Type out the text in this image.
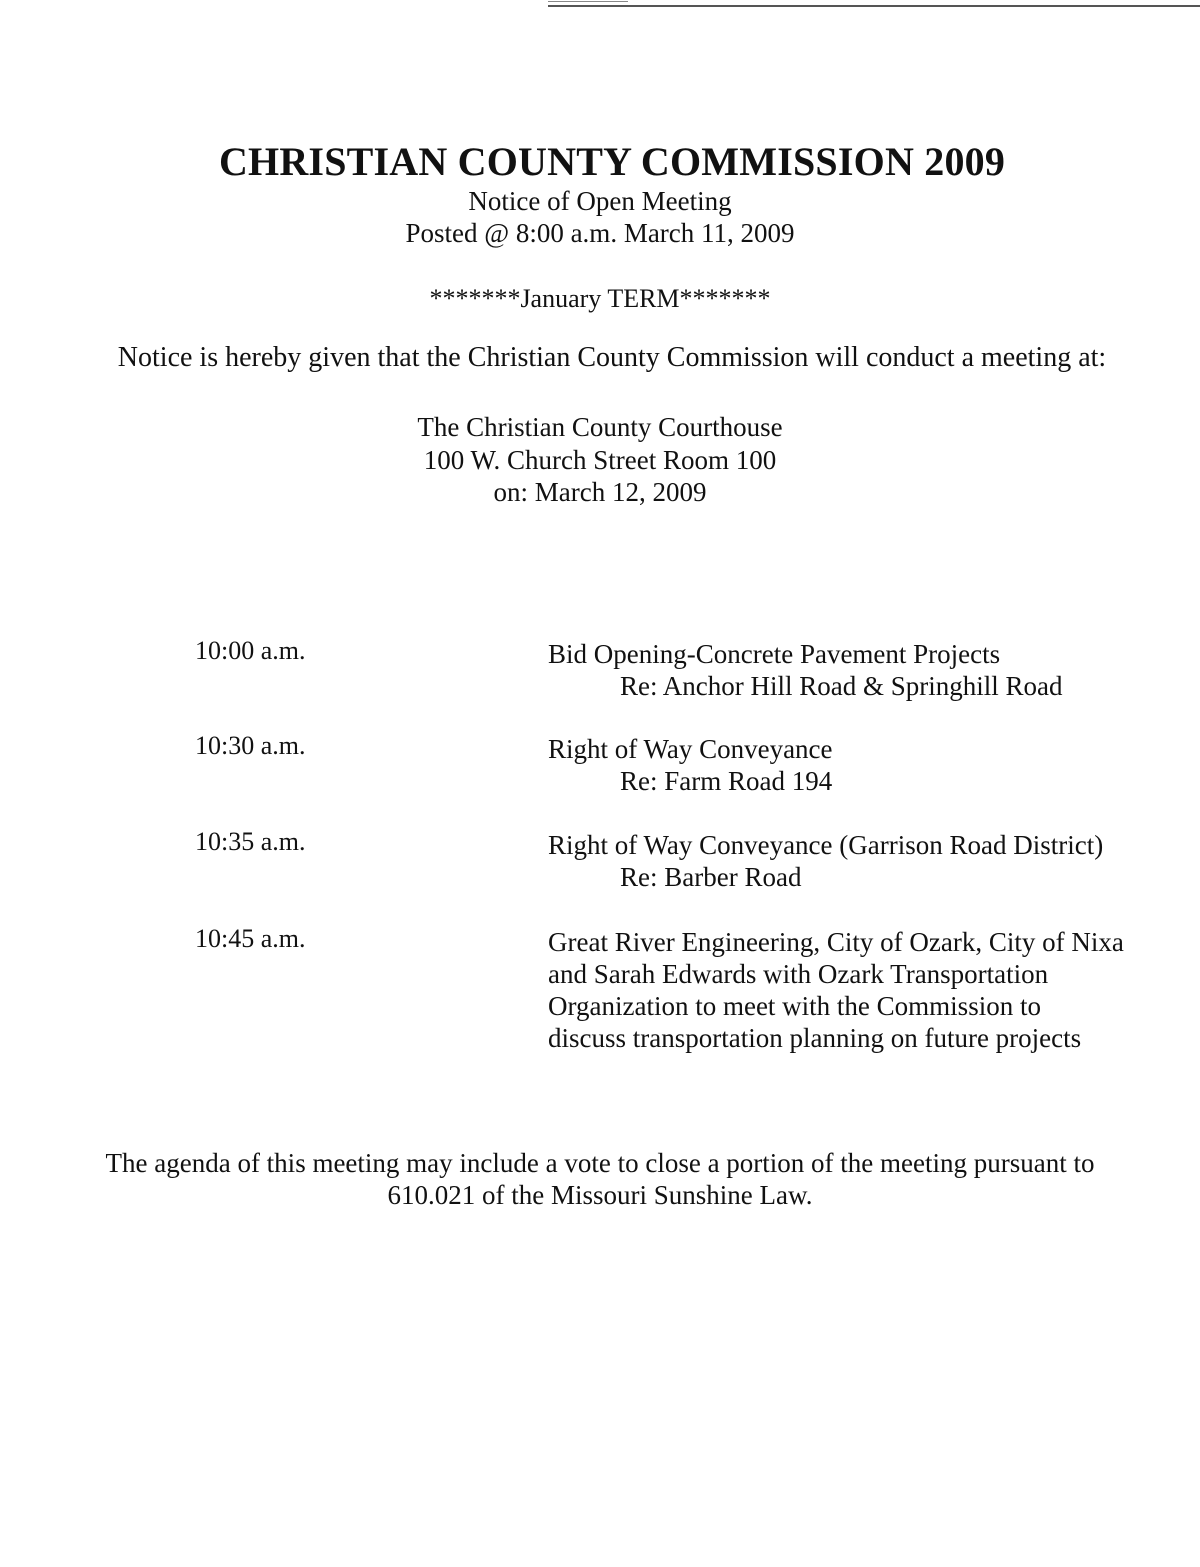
CHRISTIAN COUNTY COMMISSION 2009
Notice of Open Meeting
Posted @ 8:00 a.m. March 11, 2009
*******January TERM*******
Notice is hereby given that the Christian County Commission will conduct a meeting at:
The Christian County Courthouse
100 W. Church Street Room 100
on: March 12, 2009
10:00 a.m.	Bid Opening-Concrete Pavement Projects
Re: Anchor Hill Road & Springhill Road
10:30 a.m.	Right of Way Conveyance
Re: Farm Road 194
10:35 a.m.	Right of Way Conveyance (Garrison Road District)
Re: Barber Road
10:45 a.m.	Great River Engineering, City of Ozark, City of Nixa
and Sarah Edwards with Ozark Transportation
Organization to meet with the Commission to
discuss transportation planning on future projects
The agenda of this meeting may include a vote to close a portion of the meeting pursuant to
610.021 of the Missouri Sunshine Law.
